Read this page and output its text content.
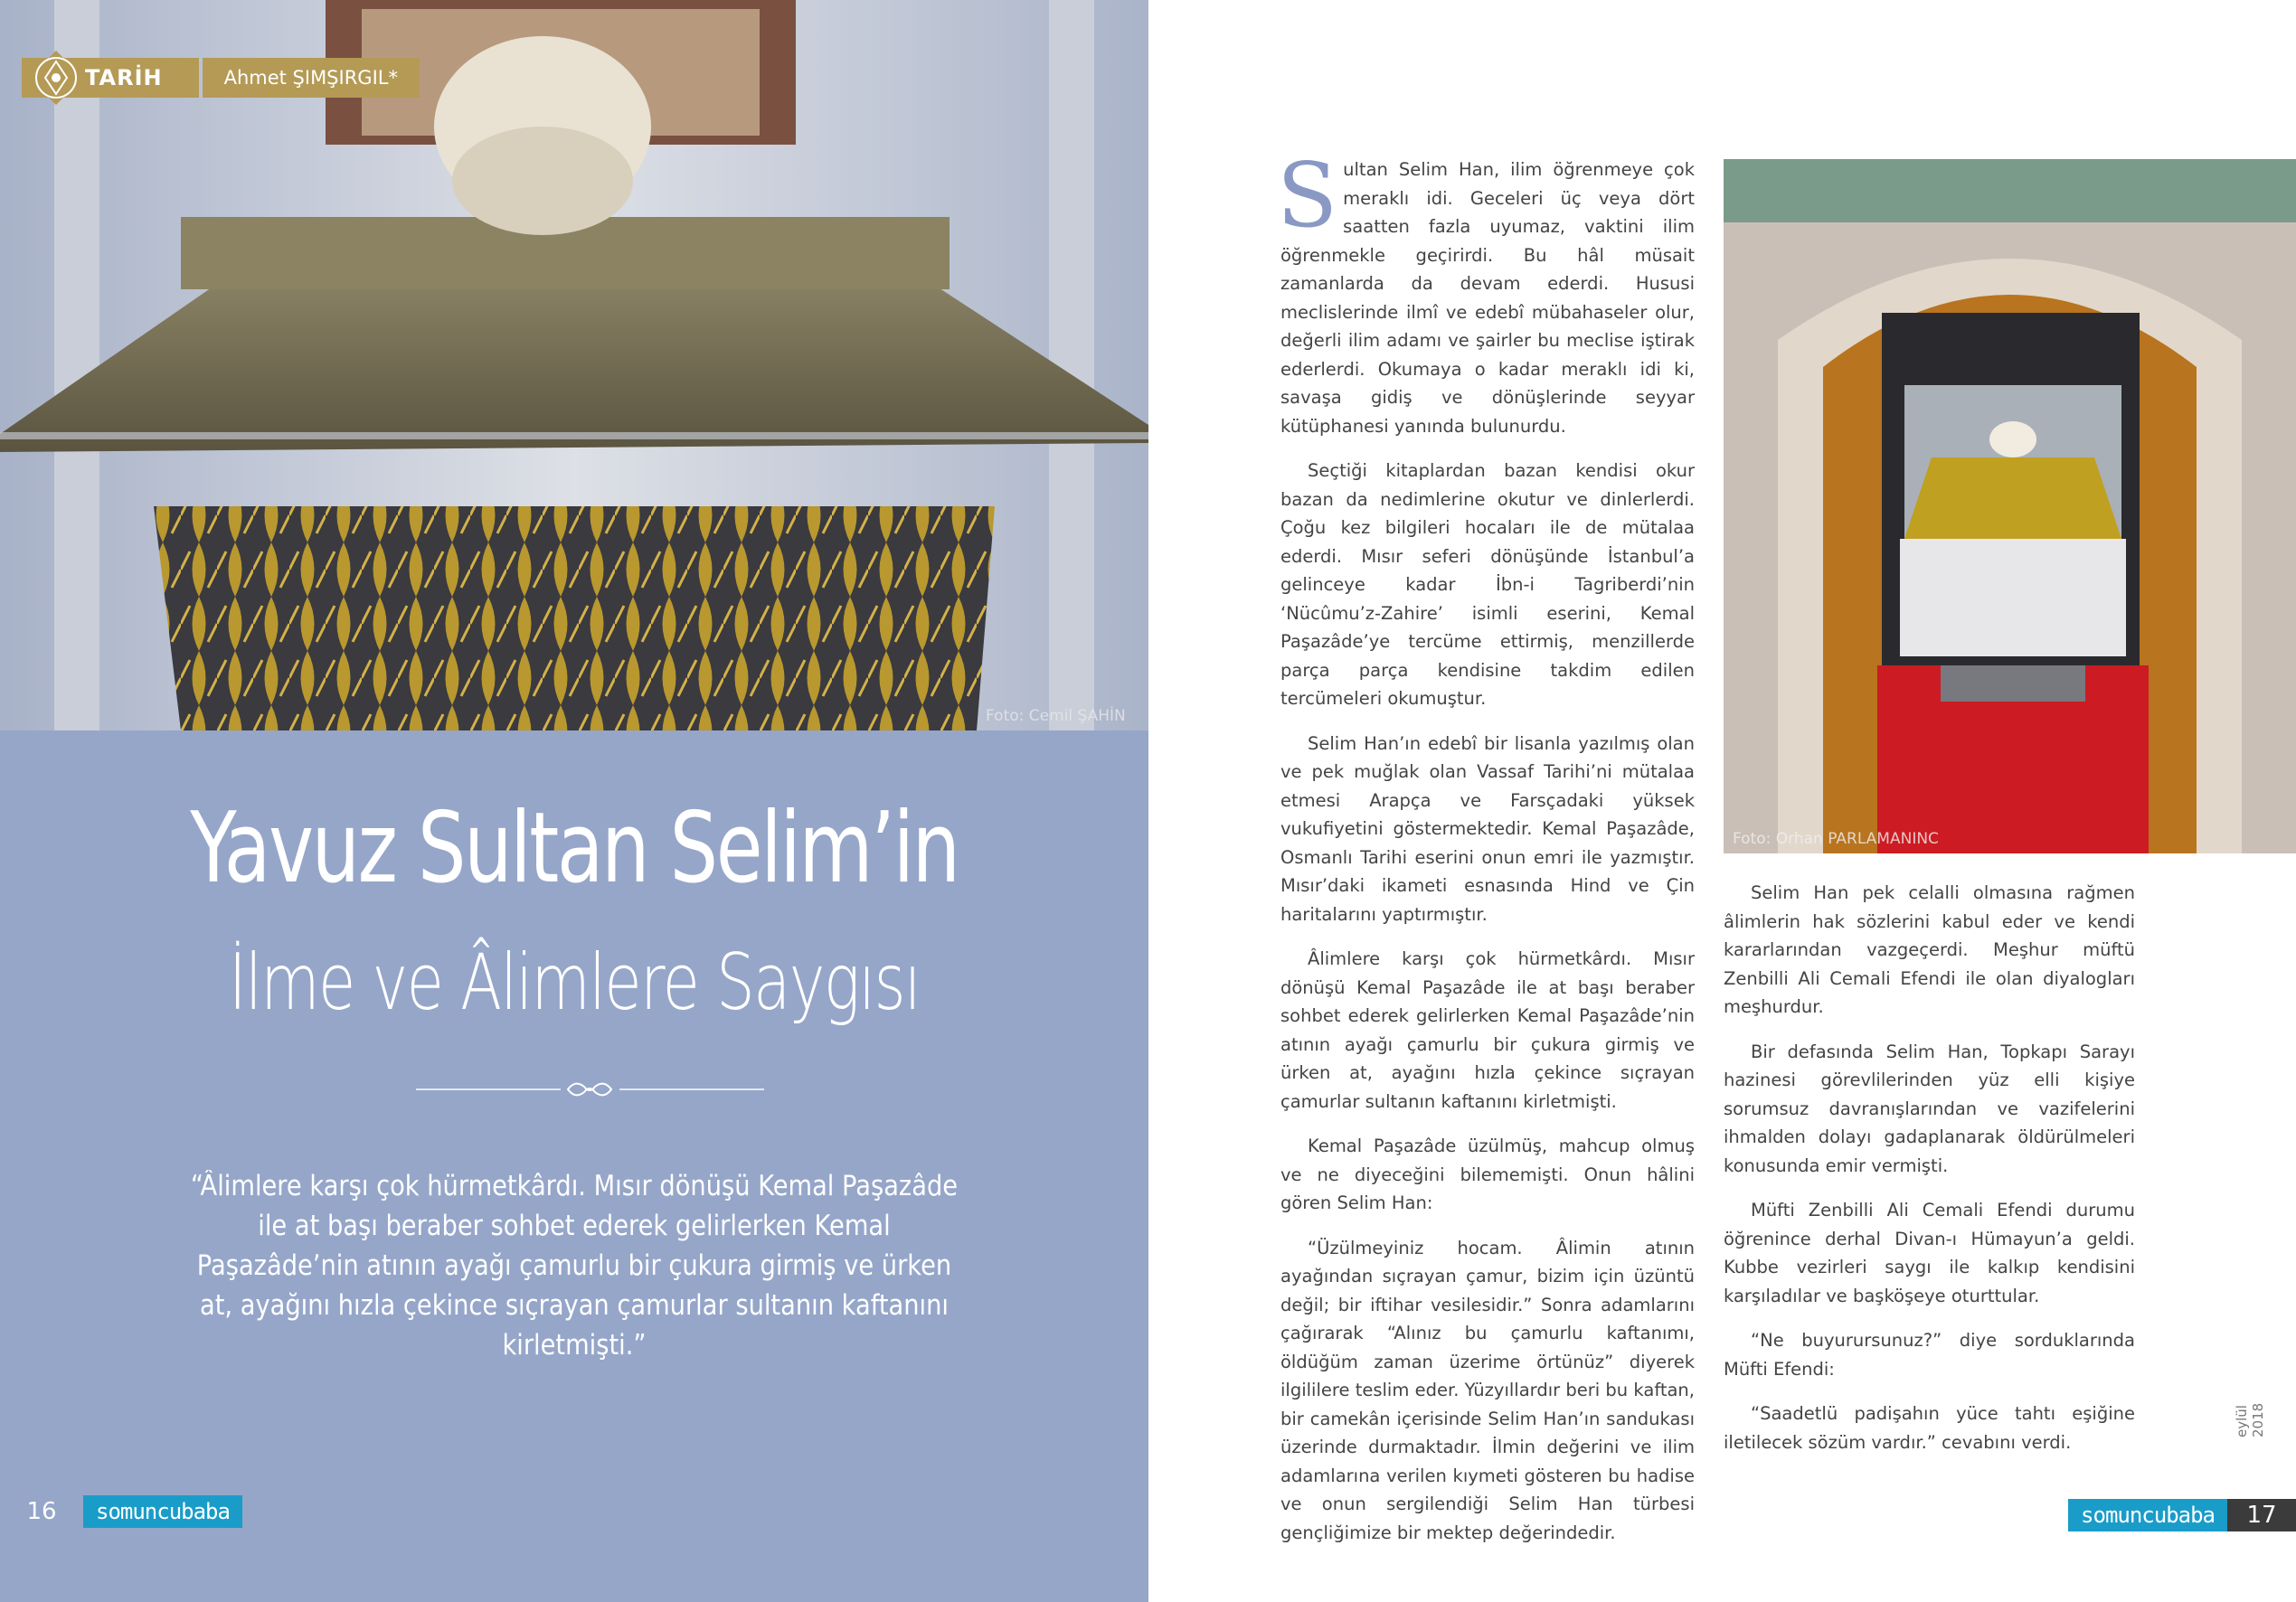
Foto: Cemil ŞAHİN
TARİH	Ahmet ŞIMŞIRGIL*
Yavuz Sultan Selim’in
İlme ve Âlimlere Saygısı
“Âlimlere karşı çok hürmetkârdı. Mısır dönüşü Kemal Paşazâde ile at başı beraber sohbet ederek gelirlerken Kemal Paşazâde’nin atının ayağı çamurlu bir çukura girmiş ve ürken at, ayağını hızla çekince sıçrayan çamurlar sultanın kaftanını kirletmişti.”
16	somuncubaba

Sultan Selim Han, ilim öğrenmeye çok meraklı idi. Geceleri üç veya dört saatten fazla uyumaz, vaktini ilim öğrenmekle geçirirdi. Bu hâl müsait zamanlarda da devam ederdi. Hususi meclislerinde ilmî ve edebî mübahaseler olur, değerli ilim adamı ve şairler bu meclise iştirak ederlerdi. Okumaya o kadar meraklı idi ki, savaşa gidiş ve dönüşlerinde seyyar kütüphanesi yanında bulunurdu.

Seçtiği kitaplardan bazan kendisi okur bazan da nedimlerine okutur ve dinlerlerdi. Çoğu kez bilgileri hocaları ile de mütalaa ederdi. Mısır seferi dönüşünde İstanbul’a gelinceye kadar İbn-i Tagriberdi’nin ‘Nücûmu’z-Zahire’ isimli eserini, Kemal Paşazâde’ye tercüme ettirmiş, menzillerde parça parça kendisine takdim edilen tercümeleri okumuştur.

Selim Han’ın edebî bir lisanla yazılmış olan ve pek muğlak olan Vassaf Tarihi’ni mütalaa etmesi Arapça ve Farsçadaki yüksek vukufiyetini göstermektedir. Kemal Paşazâde, Osmanlı Tarihi eserini onun emri ile yazmıştır. Mısır’daki ikameti esnasında Hind ve Çin haritalarını yaptırmıştır.

Âlimlere karşı çok hürmetkârdı. Mısır dönüşü Kemal Paşazâde ile at başı beraber sohbet ederek gelirlerken Kemal Paşazâde’nin atının ayağı çamurlu bir çukura girmiş ve ürken at, ayağını hızla çekince sıçrayan çamurlar sultanın kaftanını kirletmişti.

Kemal Paşazâde üzülmüş, mahcup olmuş ve ne diyeceğini bilememişti. Onun hâlini gören Selim Han:

“Üzülmeyiniz hocam. Âlimin atının ayağından sıçrayan çamur, bizim için üzüntü değil; bir iftihar vesilesidir.” Sonra adamlarını çağırarak “Alınız bu çamurlu kaftanımı, öldüğüm zaman üzerime örtünüz” diyerek ilgililere teslim eder. Yüzyıllardır beri bu kaftan, bir camekân içerisinde Selim Han’ın sandukası üzerinde durmaktadır. İlmin değerini ve ilim adamlarına verilen kıymeti gösteren bu hadise ve onun sergilendiği Selim Han türbesi gençliğimize bir mektep değerindedir.

Foto: Orhan PARLAMANINC

Selim Han pek celalli olmasına rağmen âlimlerin hak sözlerini kabul eder ve kendi kararlarından vazgeçerdi. Meşhur müftü Zenbilli Ali Cemali Efendi ile olan diyalogları meşhurdur.

Bir defasında Selim Han, Topkapı Sarayı hazinesi görevlilerinden yüz elli kişiye sorumsuz davranışlarından ve vazifelerini ihmalden dolayı gadaplanarak öldürülmeleri konusunda emir vermişti.

Müfti Zenbilli Ali Cemali Efendi durumu öğrenince derhal Divan-ı Hümayun’a geldi. Kubbe vezirleri saygı ile kalkıp kendisini karşıladılar ve başköşeye oturttular.

“Ne buyurursunuz?” diye sorduklarında Müfti Efendi:

“Saadetlü padişahın yüce tahtı eşiğine iletilecek sözüm vardır.” cevabını verdi.

eylül 2018
somuncubaba	17
